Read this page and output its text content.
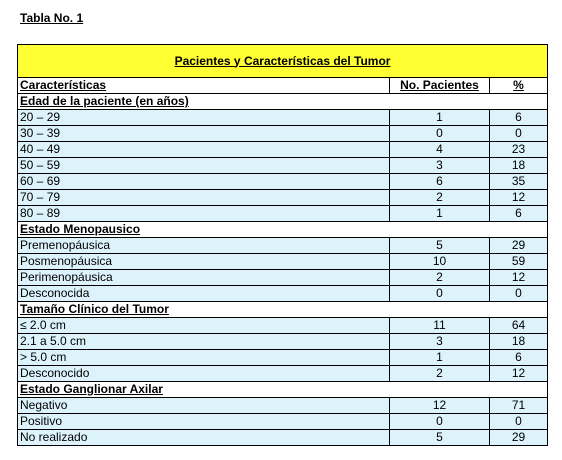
Tabla No. 1
Pacientes y Características del Tumor		
Características	No. Pacientes	%
Edad de la paciente (en años)		
20 – 29	1	6
30 – 39	0	0
40 – 49	4	23
50 – 59	3	18
60 – 69	6	35
70 – 79	2	12
80 – 89	1	6
Estado Menopausico		
Premenopáusica	5	29
Posmenopáusica	10	59
Perimenopáusica	2	12
Desconocida	0	0
Tamaño Clínico del Tumor		
≤ 2.0 cm	11	64
2.1 a 5.0 cm	3	18
> 5.0 cm	1	6
Desconocido	2	12
Estado Ganglionar Axilar		
Negativo	12	71
Positivo	0	0
No realizado	5	29
